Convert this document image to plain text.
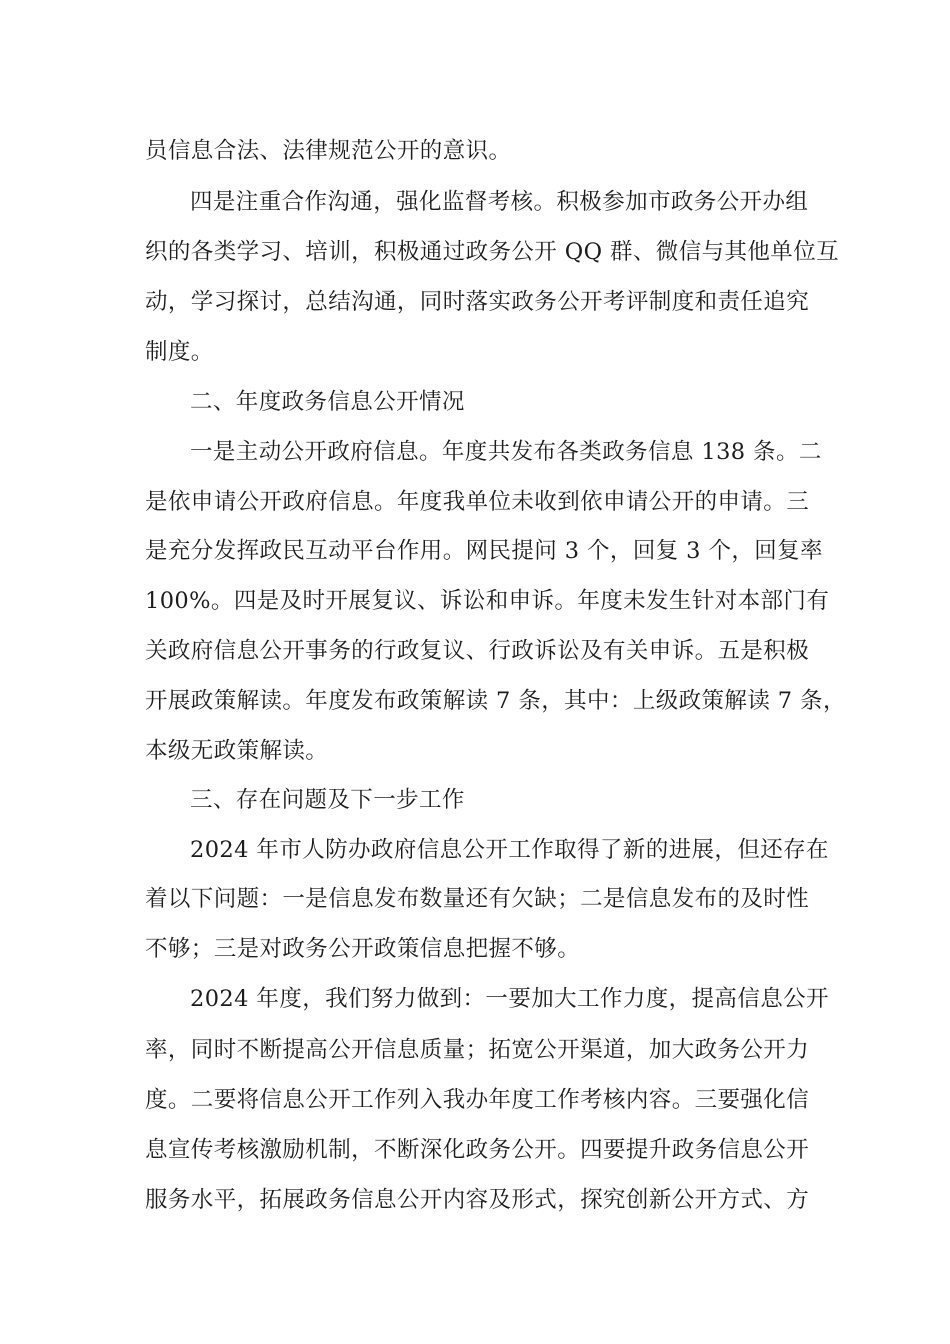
员信息合法、法律规范公开的意识。
四是注重合作沟通，强化监督考核。积极参加市政务公开办组
织的各类学习、培训，积极通过政务公开 QQ 群、微信与其他单位互
动，学习探讨，总结沟通，同时落实政务公开考评制度和责任追究
制度。
二、年度政务信息公开情况
一是主动公开政府信息。年度共发布各类政务信息 138 条。二
是依申请公开政府信息。年度我单位未收到依申请公开的申请。三
是充分发挥政民互动平台作用。网民提问 3 个，回复 3 个，回复率
100%。四是及时开展复议、诉讼和申诉。年度未发生针对本部门有
关政府信息公开事务的行政复议、行政诉讼及有关申诉。五是积极
开展政策解读。年度发布政策解读 7 条，其中：上级政策解读 7 条，
本级无政策解读。
三、存在问题及下一步工作
2024 年市人防办政府信息公开工作取得了新的进展，但还存在
着以下问题：一是信息发布数量还有欠缺；二是信息发布的及时性
不够；三是对政务公开政策信息把握不够。
2024 年度，我们努力做到：一要加大工作力度，提高信息公开
率，同时不断提高公开信息质量；拓宽公开渠道，加大政务公开力
度。二要将信息公开工作列入我办年度工作考核内容。三要强化信
息宣传考核激励机制，不断深化政务公开。四要提升政务信息公开
服务水平，拓展政务信息公开内容及形式，探究创新公开方式、方
